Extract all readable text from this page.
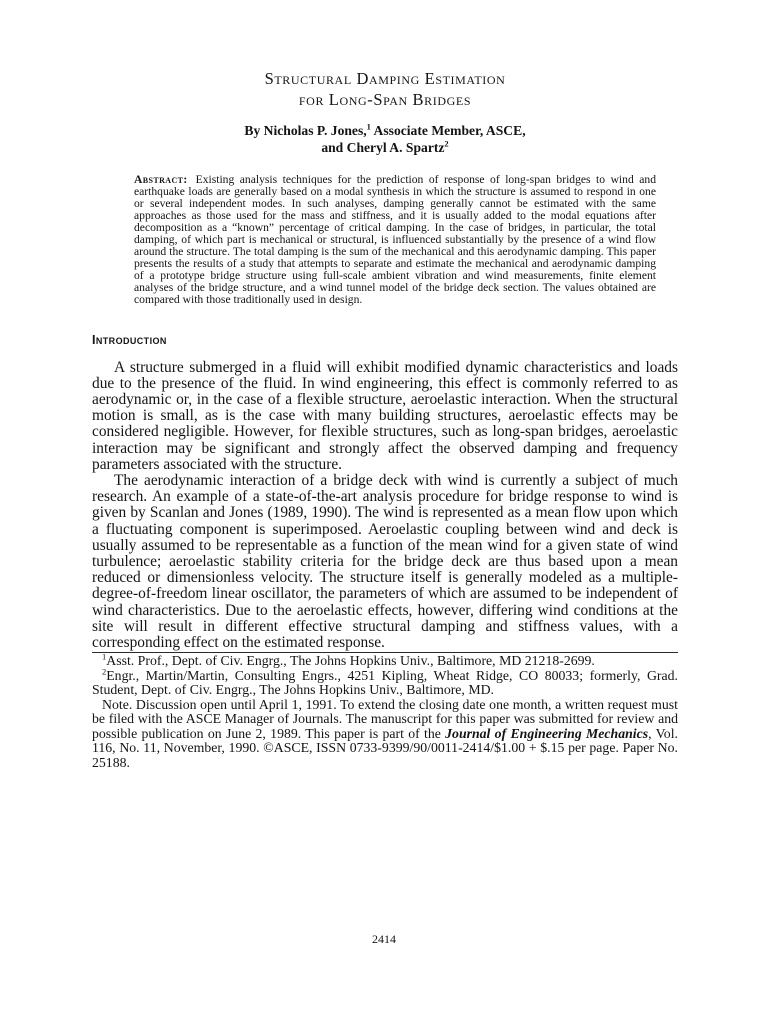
Structural Damping Estimation
for Long-Span Bridges
By Nicholas P. Jones,$^1$ Associate Member, ASCE,
and Cheryl A. Spartz$^2$
Abstract: Existing analysis techniques for the prediction of response of long-span bridges to wind and earthquake loads are generally based on a modal synthesis in which the structure is assumed to respond in one or several independent modes. In such analyses, damping generally cannot be estimated with the same approaches as those used for the mass and stiffness, and it is usually added to the modal equations after decomposition as a “known” percentage of critical damping. In the case of bridges, in particular, the total damping, of which part is mechanical or structural, is influenced substantially by the presence of a wind flow around the structure. The total damping is the sum of the mechanical and this aerodynamic damping. This paper presents the results of a study that attempts to separate and estimate the mechanical and aerodynamic damping of a prototype bridge structure using full-scale ambient vibration and wind measurements, finite element analyses of the bridge structure, and a wind tunnel model of the bridge deck section. The values obtained are compared with those traditionally used in design.
Introduction

A structure submerged in a fluid will exhibit modified dynamic characteristics and loads due to the presence of the fluid. In wind engineering, this effect is commonly referred to as aerodynamic or, in the case of a flexible structure, aeroelastic interaction. When the structural motion is small, as is the case with many building structures, aeroelastic effects may be considered negligible. However, for flexible structures, such as long-span bridges, aeroelastic interaction may be significant and strongly affect the observed damping and frequency parameters associated with the structure.

The aerodynamic interaction of a bridge deck with wind is currently a subject of much research. An example of a state-of-the-art analysis procedure for bridge response to wind is given by Scanlan and Jones (1989, 1990). The wind is represented as a mean flow upon which a fluctuating component is superimposed. Aeroelastic coupling between wind and deck is usually assumed to be representable as a function of the mean wind for a given state of wind turbulence; aeroelastic stability criteria for the bridge deck are thus based upon a mean reduced or dimensionless velocity. The structure itself is generally modeled as a multiple-degree-of-freedom linear oscillator, the parameters of which are assumed to be independent of wind characteristics. Due to the aeroelastic effects, however, differing wind conditions at the site will result in different effective structural damping and stiffness values, with a corresponding effect on the estimated response.

$^1$Asst. Prof., Dept. of Civ. Engrg., The Johns Hopkins Univ., Baltimore, MD 21218-2699.

$^2$Engr., Martin/Martin, Consulting Engrs., 4251 Kipling, Wheat Ridge, CO 80033; formerly, Grad. Student, Dept. of Civ. Engrg., The Johns Hopkins Univ., Baltimore, MD.

Note. Discussion open until April 1, 1991. To extend the closing date one month, a written request must be filed with the ASCE Manager of Journals. The manuscript for this paper was submitted for review and possible publication on June 2, 1989. This paper is part of the Journal of Engineering Mechanics, Vol. 116, No. 11, November, 1990. ©ASCE, ISSN 0733-9399/90/0011-2414/$1.00 + $.15 per page. Paper No. 25188.

2414
